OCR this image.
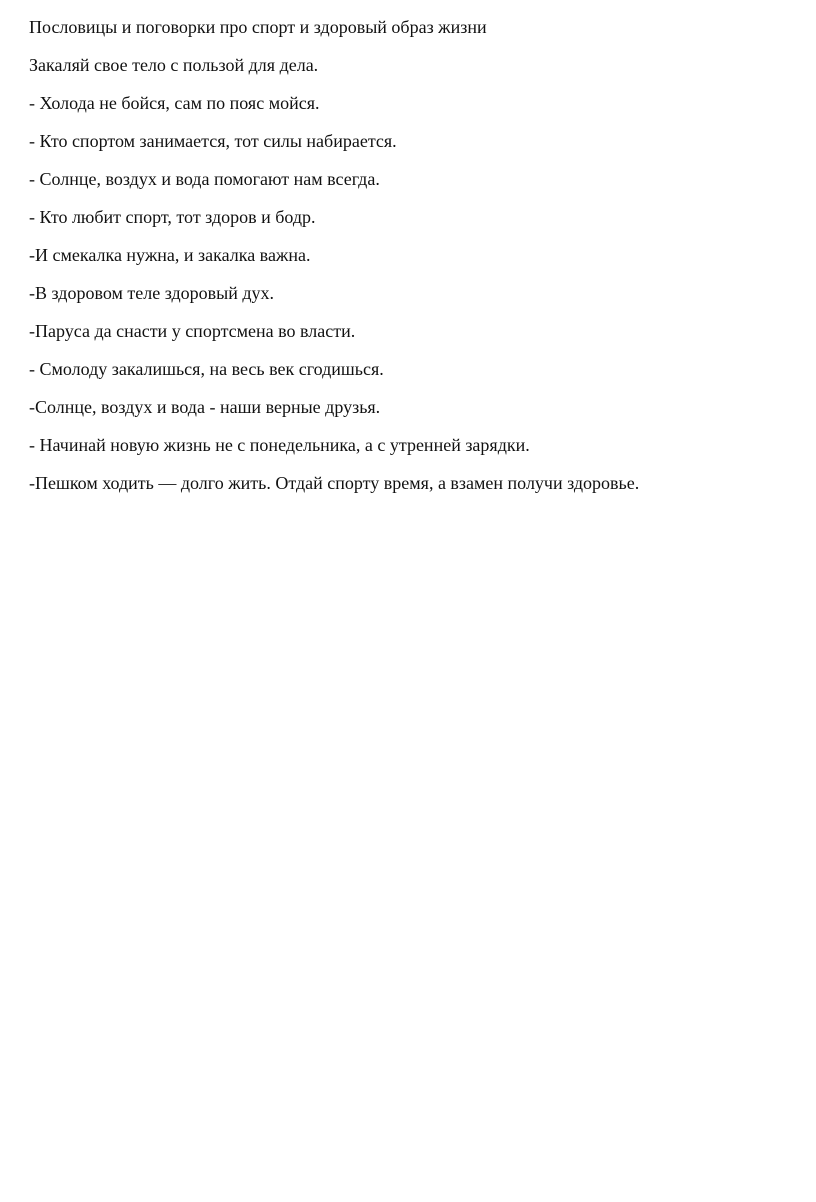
Пословицы и поговорки про спорт и здоровый образ жизни

Закаляй свое тело с пользой для дела.

- Холода не бойся, сам по пояс мойся.

- Кто спортом занимается, тот силы набирается.

- Солнце, воздух и вода помогают нам всегда.

- Кто любит спорт, тот здоров и бодр.

-И смекалка нужна, и закалка важна.

-В здоровом теле здоровый дух.

-Паруса да снасти у спортсмена во власти.

- Смолоду закалишься, на весь век сгодишься.

-Солнце, воздух и вода - наши верные друзья.

- Начинай новую жизнь не с понедельника, а с утренней зарядки.

-Пешком ходить — долго жить. Отдай спорту время, а взамен получи здоровье.
